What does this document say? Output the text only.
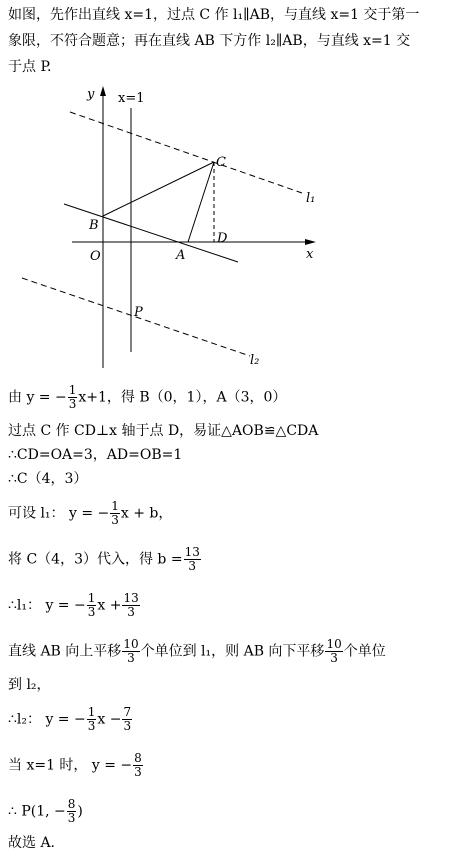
如图，先作出直线 x=1，过点 C 作 l₁∥AB，与直线 x=1 交于第一
象限，不符合题意；再在直线 AB 下方作 l₂∥AB，与直线 x=1 交
于点 P.
y x=1
x
O
B
A
C
D
P
l₁
l₂
由 y = − $\frac{1}{3} x+1$，得 B（0，1），A（3，0）
过点 C 作 CD⊥x 轴于点 D，易证△AOB≌△CDA
∴CD=OA=3，AD=OB=1
∴C（4，3）
可设 l₁： y = − $\frac{1}{3}$ x + b，
将 C（4，3）代入，得 $b = \frac{13}{3}$
∴l₁： y = − $\frac{1}{3}$ $x + \frac{13}{3}$
直线 AB 向上平移 $\frac{10}{3}$ 个单位到 l₁，则 AB 向下平移 $\frac{10}{3}$ 个单位
到 l₂，
∴l₂： y = − $\frac{1}{3}$ $x - \frac{7}{3}$
当 x=1 时， y = − $\frac{8}{3}$
∴ P(1, − $\frac{8}{3}$ )
故选 A.
